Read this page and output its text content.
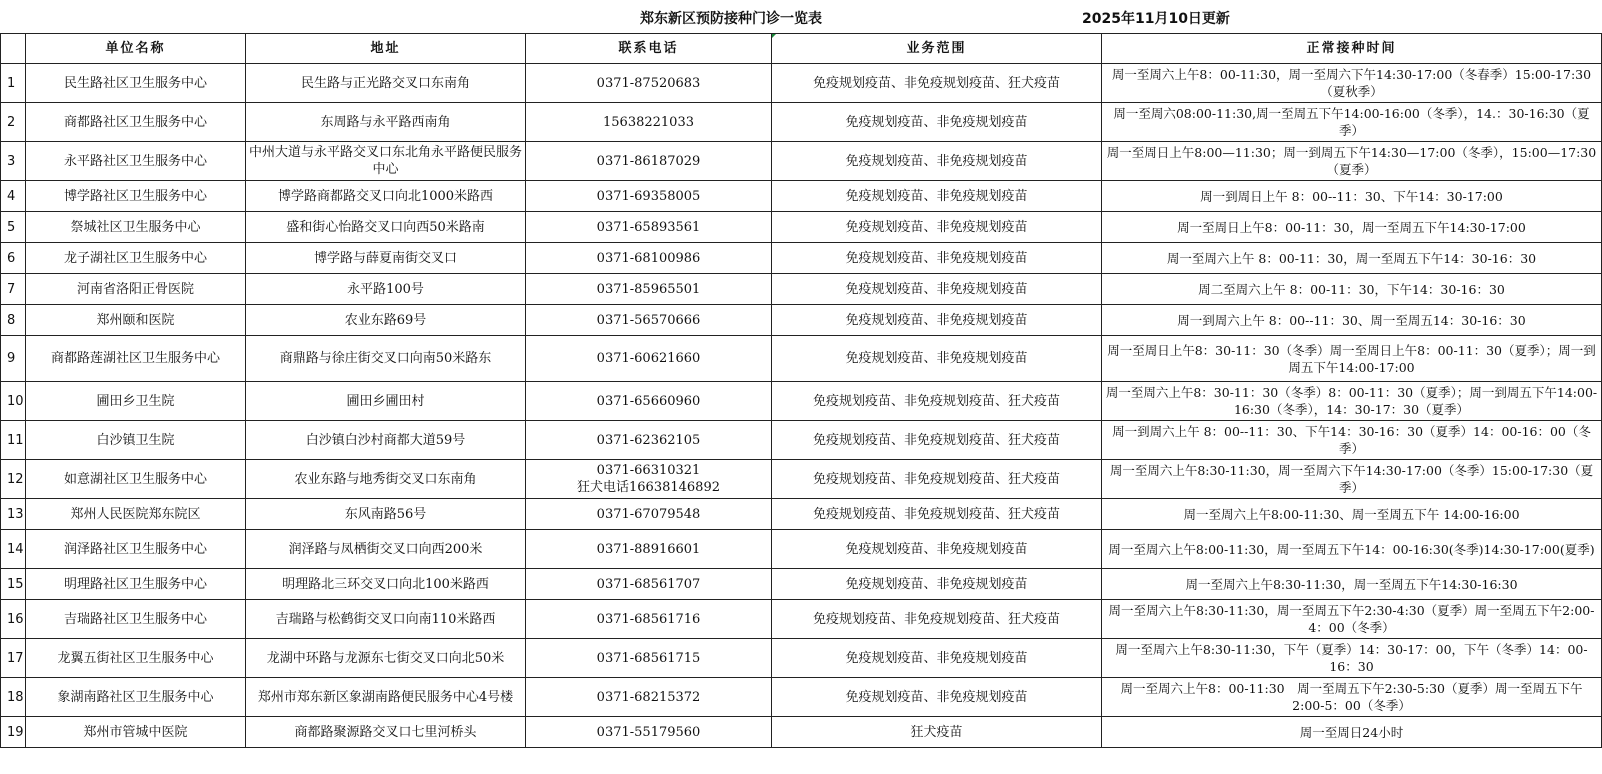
郑东新区预防接种门诊一览表	2025年11月10日更新
	单位名称	地址	联系电话	业务范围	正常接种时间
1	民生路社区卫生服务中心	民生路与正光路交叉口东南角	0371-87520683	免疫规划疫苗、非免疫规划疫苗、狂犬疫苗	周一至周六上午8：00-11:30，周一至周六下午14:30-17:00（冬春季）15:00-17:30（夏秋季）
2	商都路社区卫生服务中心	东周路与永平路西南角	15638221033	免疫规划疫苗、非免疫规划疫苗	周一至周六08:00-11:30,周一至周五下午14:00-16:00（冬季），14.：30-16:30（夏季）
3	永平路社区卫生服务中心	中州大道与永平路交叉口东北角永平路便民服务中心	0371-86187029	免疫规划疫苗、非免疫规划疫苗	周一至周日上午8:00—11:30；周一到周五下午14:30—17:00（冬季），15:00—17:30（夏季）
4	博学路社区卫生服务中心	博学路商都路交叉口向北1000米路西	0371-69358005	免疫规划疫苗、非免疫规划疫苗	周一到周日上午 8：00--11：30、下午14：30-17:00
5	祭城社区卫生服务中心	盛和街心怡路交叉口向西50米路南	0371-65893561	免疫规划疫苗、非免疫规划疫苗	周一至周日上午8：00-11：30，周一至周五下午14:30-17:00
6	龙子湖社区卫生服务中心	博学路与薛夏南街交叉口	0371-68100986	免疫规划疫苗、非免疫规划疫苗	周一至周六上午 8：00-11：30，周一至周五下午14：30-16：30
7	河南省洛阳正骨医院	永平路100号	0371-85965501	免疫规划疫苗、非免疫规划疫苗	周二至周六上午 8：00-11：30，下午14：30-16：30
8	郑州颐和医院	农业东路69号	0371-56570666	免疫规划疫苗、非免疫规划疫苗	周一到周六上午 8：00--11：30、周一至周五14：30-16：30
9	商都路莲湖社区卫生服务中心	商鼎路与徐庄街交叉口向南50米路东	0371-60621660	免疫规划疫苗、非免疫规划疫苗	周一至周日上午8：30-11：30（冬季）周一至周日上午8：00-11：30（夏季）；周一到周五下午14:00-17:00
10	圃田乡卫生院	圃田乡圃田村	0371-65660960	免疫规划疫苗、非免疫规划疫苗、狂犬疫苗	周一至周六上午8：30-11：30（冬季）8：00-11：30（夏季）；周一到周五下午14:00-16:30（冬季），14：30-17：30（夏季）
11	白沙镇卫生院	白沙镇白沙村商都大道59号	0371-62362105	免疫规划疫苗、非免疫规划疫苗、狂犬疫苗	周一到周六上午 8：00--11：30、下午14：30-16：30（夏季）14：00-16：00（冬季）
12	如意湖社区卫生服务中心	农业东路与地秀街交叉口东南角	0371-66310321
狂犬电话16638146892	免疫规划疫苗、非免疫规划疫苗、狂犬疫苗	周一至周六上午8:30-11:30，周一至周六下午14:30-17:00（冬季）15:00-17:30（夏季）
13	郑州人民医院郑东院区	东风南路56号	0371-67079548	免疫规划疫苗、非免疫规划疫苗、狂犬疫苗	周一至周六上午8:00-11:30、周一至周五下午 14:00-16:00
14	润泽路社区卫生服务中心	润泽路与凤栖街交叉口向西200米	0371-88916601	免疫规划疫苗、非免疫规划疫苗	周一至周六上午8:00-11:30，周一至周五下午14：00-16:30(冬季)14:30-17:00(夏季)
15	明理路社区卫生服务中心	明理路北三环交叉口向北100米路西	0371-68561707	免疫规划疫苗、非免疫规划疫苗	周一至周六上午8:30-11:30，周一至周五下午14:30-16:30
16	吉瑞路社区卫生服务中心	吉瑞路与松鹤街交叉口向南110米路西	0371-68561716	免疫规划疫苗、非免疫规划疫苗、狂犬疫苗	周一至周六上午8:30-11:30，周一至周五下午2:30-4:30（夏季）周一至周五下午2:00-4：00（冬季）
17	龙翼五街社区卫生服务中心	龙湖中环路与龙源东七街交叉口向北50米	0371-68561715	免疫规划疫苗、非免疫规划疫苗	周一至周六上午8:30-11:30，下午（夏季）14：30-17：00，下午（冬季）14：00-16：30
18	象湖南路社区卫生服务中心	郑州市郑东新区象湖南路便民服务中心4号楼	0371-68215372	免疫规划疫苗、非免疫规划疫苗	周一至周六上午8：00-11:30　周一至周五下午2:30-5:30（夏季）周一至周五下午2:00-5：00（冬季）
19	郑州市管城中医院	商都路聚源路交叉口七里河桥头	0371-55179560	狂犬疫苗	周一至周日24小时
